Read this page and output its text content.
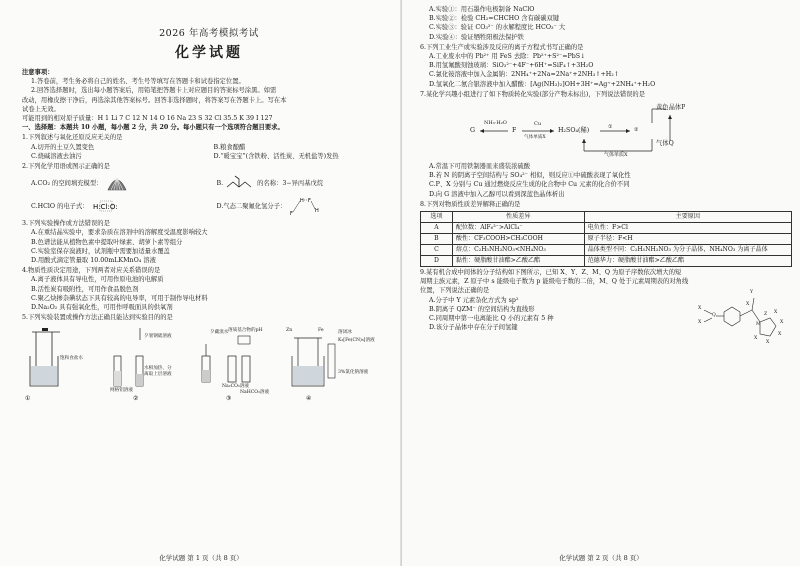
2026 年高考模拟考试
化学试题
注意事项：
1.答卷前，考生务必将自己的姓名、考生号等填写在答题卡和试卷指定位置。
2.回答选择题时，选出每小题答案后，用铅笔把答题卡上对应题目的答案标号涂黑。如需
改动，用橡皮擦干净后，再选涂其他答案标号。回答非选择题时，将答案写在答题卡上。写在本
试卷上无效。
可能用到的相对原子质量：H 1 Li 7 C 12 N 14 O 16 Na 23 S 32 Cl 35.5 K 39 I 127
一、选择题：本题共 10 小题，每小题 2 分，共 20 分。每小题只有一个选项符合题目要求。
1.下列叙述与氧化还原反应无关的是
A.切开的土豆久置变色	B.粮食酿醋
C.烧碱溶液去油污	D.“暖宝宝”(含铁粉、活性炭、无机盐等)发热
2.下列化学用语或图示正确的是
A.CO₂ 的空间填充模型：	B.	的名称：3−异丙基戊烷
C.HClO 的电子式： H:Cl:O:	D.气态二聚氟化氢分子：
F
H F
H
3.下列实验操作或方法错误的是
A.在重结晶实验中，要求杂质在溶剂中的溶解度受温度影响较大
B.色谱法能从植物色素中提取叶绿素、胡萝卜素等组分
C.实验室保存溴液时，试剂瓶中需要加适量水覆盖
D.用酸式滴定管量取 10.00mLKMnO₄ 溶液
4.物质性质决定用途，下列两者对应关系错误的是
A.离子液体具有导电性，可用作原电池的电解质
B.活性炭有吸附性，可用作食品脱色剂
C.聚乙炔掺杂碘状态下具有较高的电导率，可用于制作导电材料
D.Na₂O₂ 具有强氧化性，可用作呼吸面具的供氧剂
5.下列实验装置或操作方法正确且能达到实验目的的是
①
饱和食盐水
②
网格铝溶液
夕暑钢硫溶液
水相加热、分离取上层溶液
③
夕藏溴水 溶质基合物的pH
Na₂CO₃溶液
NaHCO₃溶液
④
Zn	Fe	溶闭冰
K₃[Fe(CN)₆]溶液
3%氯化钠溶液
化学试题 第 1 页（共 8 页）
A.实验①：用石墨作电极制备 NaClO
B.实验②：检验 CH₂=CHCHO 含有碳碳双键
C.实验③：验证 CO₃²⁻ 的水解程度比 HCO₃⁻ 大
D.实验④：验证牺牲阳极法保护铁
6.下列工业生产或实验涉及反应的离子方程式书写正确的是
A.工业废水中的 Pb²⁺ 用 FeS 去除：Pb²⁺+S²⁻=PbS↓
B.用氢氟酸刻蚀玻璃：SiO₃²⁻+4F⁻+6H⁺=SiF₄↑+3H₂O
C.氯化铵溶液中加入金属钠：2NH₄⁺+2Na=2Na⁺+2NH₃↑+H₂↑
D.氢氧化二氨合银溶液中加入醋酸：[Ag(NH₃)₂]OH+3H⁺=Ag⁺+2NH₄⁺+H₂O
7.某化学兴趣小组进行了如下物质转化实验(部分产物未标出)，下列说法错误的是
G
NH₃·H₂O
F
Cu
气体单质X
H₂SO₄(稀)	①
黄色晶体P
②
气体Q
气体单质X
A.常温下可用铁制器皿来盛装浓硫酸
B.若 N 的阴离子空间结构与 SO₄²⁻ 相似，则反应①中硫酸表现了氧化性
C.P、X 分别与 Cu 通过燃烧反应生成的化合物中 Cu 元素的化合价不同
D.向 G 溶液中加入乙醇可以看到深蓝色晶体析出
8.下列对物质性质差异解释正确的是
选项	性质差异	主要原因
A	配位数：AlF₆³⁻>AlCl₄⁻	电负性：F>Cl
B	酸性：CF₃COOH>CH₃COOH	原子半径：F<H
C	熔点：C₂H₅NH₃NO₃<NH₄NO₃	晶体类型不同：C₂H₅NH₃NO₃ 为分子晶体，NH₄NO₃ 为离子晶体
D	黏性：硬脂酸甘油酯>乙酸乙酯	范德华力：硬脂酸甘油酯>乙酸乙酯
9.某有机合成中间体的分子结构如下图所示，已知 X、Y、Z、M、Q 为原子序数依次增大的短
周期主族元素，Z 原子中 s 能级电子数为 p 能级电子数的二倍，M、Q 处于元素周期表的对角线
位置，下列说法正确的是
A.分子中 Y 元素杂化方式为 sp²
B.阴离子 QZM⁻ 的空间结构为直线形
C.同周期中第一电离能比 Q 小的元素有 5 种
D.该分子晶体中存在分子间氢键
X
X
Q
Y
X
M
Z X
X
X
X
X
化学试题 第 2 页（共 8 页）
